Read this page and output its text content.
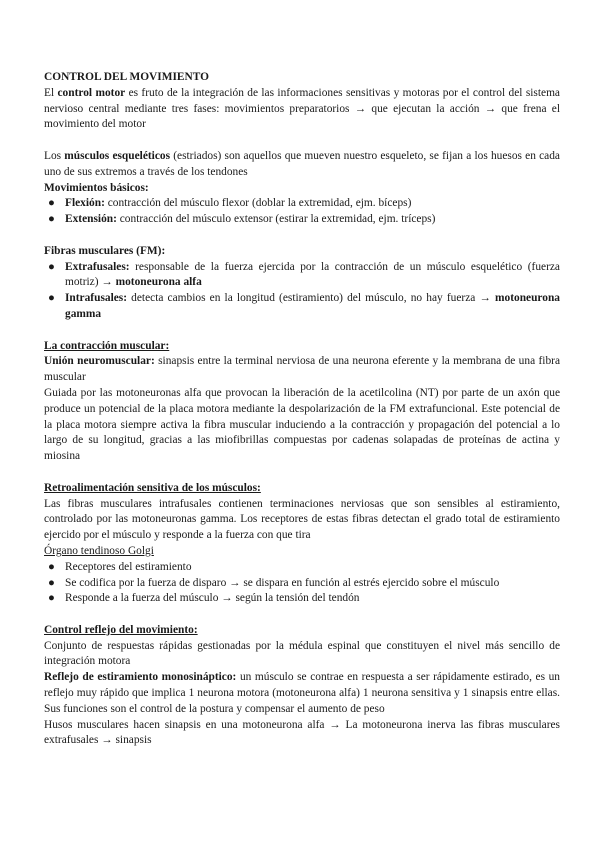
CONTROL DEL MOVIMIENTO

El control motor es fruto de la integración de las informaciones sensitivas y motoras por el control del sistema nervioso central mediante tres fases: movimientos preparatorios → que ejecutan la acción → que frena el movimiento del motor

Los músculos esqueléticos (estriados) son aquellos que mueven nuestro esqueleto, se fijan a los huesos en cada uno de sus extremos a través de los tendones

Movimientos básicos:

● Flexión: contracción del músculo flexor (doblar la extremidad, ejm. bíceps)
● Extensión: contracción del músculo extensor (estirar la extremidad, ejm. tríceps)

Fibras musculares (FM):

● Extrafusales: responsable de la fuerza ejercida por la contracción de un músculo esquelético (fuerza motriz) → motoneurona alfa
● Intrafusales: detecta cambios en la longitud (estiramiento) del músculo, no hay fuerza → motoneurona gamma

La contracción muscular:

Unión neuromuscular: sinapsis entre la terminal nerviosa de una neurona eferente y la membrana de una fibra muscular

Guiada por las motoneuronas alfa que provocan la liberación de la acetilcolina (NT) por parte de un axón que produce un potencial de la placa motora mediante la despolarización de la FM extrafuncional. Este potencial de la placa motora siempre activa la fibra muscular induciendo a la contracción y propagación del potencial a lo largo de su longitud, gracias a las miofibrillas compuestas por cadenas solapadas de proteínas de actina y miosina

Retroalimentación sensitiva de los músculos:

Las fibras musculares intrafusales contienen terminaciones nerviosas que son sensibles al estiramiento, controlado por las motoneuronas gamma. Los receptores de estas fibras detectan el grado total de estiramiento ejercido por el músculo y responde a la fuerza con que tira

Órgano tendinoso Golgi

● Receptores del estiramiento
● Se codifica por la fuerza de disparo → se dispara en función al estrés ejercido sobre el músculo
● Responde a la fuerza del músculo → según la tensión del tendón

Control reflejo del movimiento:

Conjunto de respuestas rápidas gestionadas por la médula espinal que constituyen el nivel más sencillo de integración motora

Reflejo de estiramiento monosináptico: un músculo se contrae en respuesta a ser rápidamente estirado, es un reflejo muy rápido que implica 1 neurona motora (motoneurona alfa) 1 neurona sensitiva y 1 sinapsis entre ellas. Sus funciones son el control de la postura y compensar el aumento de peso

Husos musculares hacen sinapsis en una motoneurona alfa → La motoneurona inerva las fibras musculares extrafusales → sinapsis
